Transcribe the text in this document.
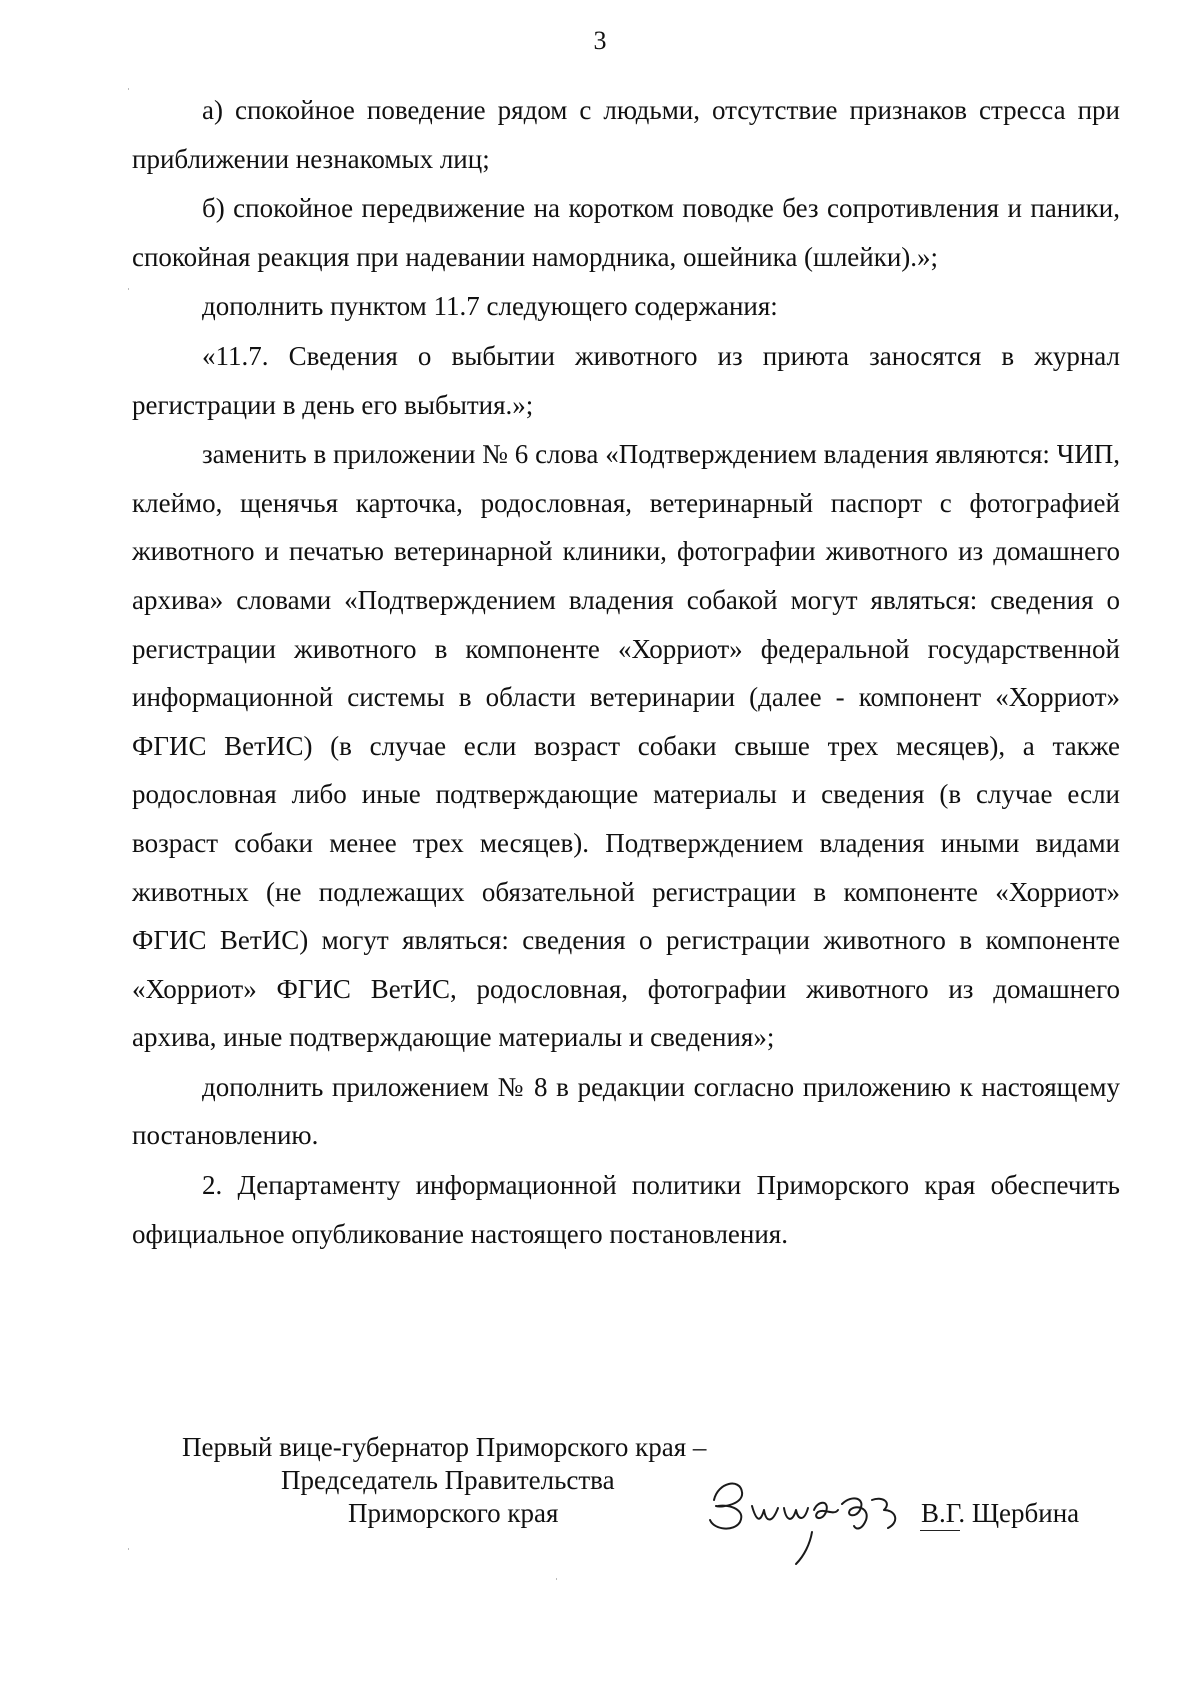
3

а) спокойное поведение рядом с людьми, отсутствие признаков стресса при приближении незнакомых лиц;

б) спокойное передвижение на коротком поводке без сопротивления и паники, спокойная реакция при надевании намордника, ошейника (шлейки).»;

дополнить пунктом 11.7 следующего содержания:

«11.7. Сведения о выбытии животного из приюта заносятся в журнал регистрации в день его выбытия.»;

заменить в приложении № 6 слова «Подтверждением владения являются: ЧИП, клеймо, щенячья карточка, родословная, ветеринарный паспорт с фотографией животного и печатью ветеринарной клиники, фотографии животного из домашнего архива» словами «Подтверждением владения собакой могут являться: сведения о регистрации животного в компоненте «Хорриот» федеральной государственной информационной системы в области ветеринарии (далее - компонент «Хорриот» ФГИС ВетИС) (в случае если возраст собаки свыше трех месяцев), а также родословная либо иные подтверждающие материалы и сведения (в случае если возраст собаки менее трех месяцев). Подтверждением владения иными видами животных (не подлежащих обязательной регистрации в компоненте «Хорриот» ФГИС ВетИС) могут являться: сведения о регистрации животного в компоненте «Хорриот» ФГИС ВетИС, родословная, фотографии животного из домашнего архива, иные подтверждающие материалы и сведения»;

дополнить приложением № 8 в редакции согласно приложению к настоящему постановлению.

2. Департаменту информационной политики Приморского края обеспечить официальное опубликование настоящего постановления.

Первый вице-губернатор Приморского края –
Председатель Правительства
Приморского края	В.Г. Щербина
